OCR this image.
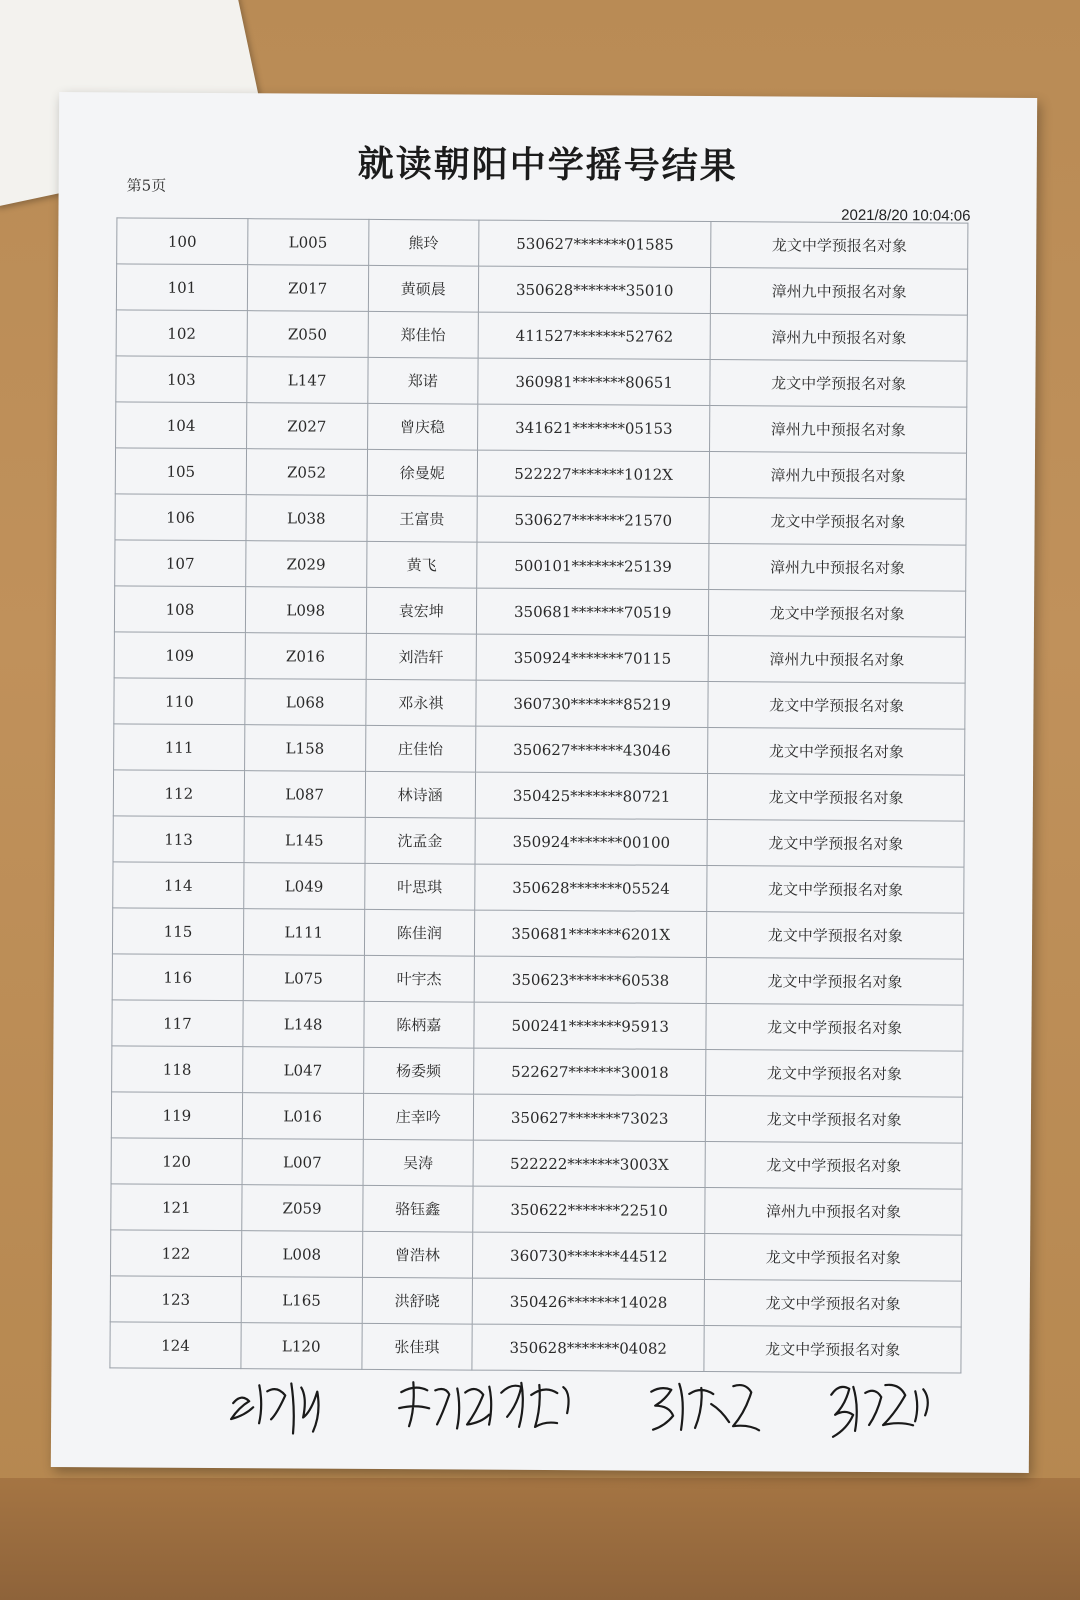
就读朝阳中学摇号结果
第5页
2021/8/20 10:04:06
100	L005	熊玲	530627*******01585	龙文中学预报名对象
101	Z017	黄硕晨	350628*******35010	漳州九中预报名对象
102	Z050	郑佳怡	411527*******52762	漳州九中预报名对象
103	L147	郑诺	360981*******80651	龙文中学预报名对象
104	Z027	曾庆稳	341621*******05153	漳州九中预报名对象
105	Z052	徐曼妮	522227*******1012X	漳州九中预报名对象
106	L038	王富贵	530627*******21570	龙文中学预报名对象
107	Z029	黄飞	500101*******25139	漳州九中预报名对象
108	L098	袁宏坤	350681*******70519	龙文中学预报名对象
109	Z016	刘浩轩	350924*******70115	漳州九中预报名对象
110	L068	邓永祺	360730*******85219	龙文中学预报名对象
111	L158	庄佳怡	350627*******43046	龙文中学预报名对象
112	L087	林诗涵	350425*******80721	龙文中学预报名对象
113	L145	沈孟金	350924*******00100	龙文中学预报名对象
114	L049	叶思琪	350628*******05524	龙文中学预报名对象
115	L111	陈佳润	350681*******6201X	龙文中学预报名对象
116	L075	叶宇杰	350623*******60538	龙文中学预报名对象
117	L148	陈柄嘉	500241*******95913	龙文中学预报名对象
118	L047	杨委频	522627*******30018	龙文中学预报名对象
119	L016	庄幸吟	350627*******73023	龙文中学预报名对象
120	L007	吴涛	522222*******3003X	龙文中学预报名对象
121	Z059	骆钰鑫	350622*******22510	漳州九中预报名对象
122	L008	曾浩林	360730*******44512	龙文中学预报名对象
123	L165	洪舒晓	350426*******14028	龙文中学预报名对象
124	L120	张佳琪	350628*******04082	龙文中学预报名对象
